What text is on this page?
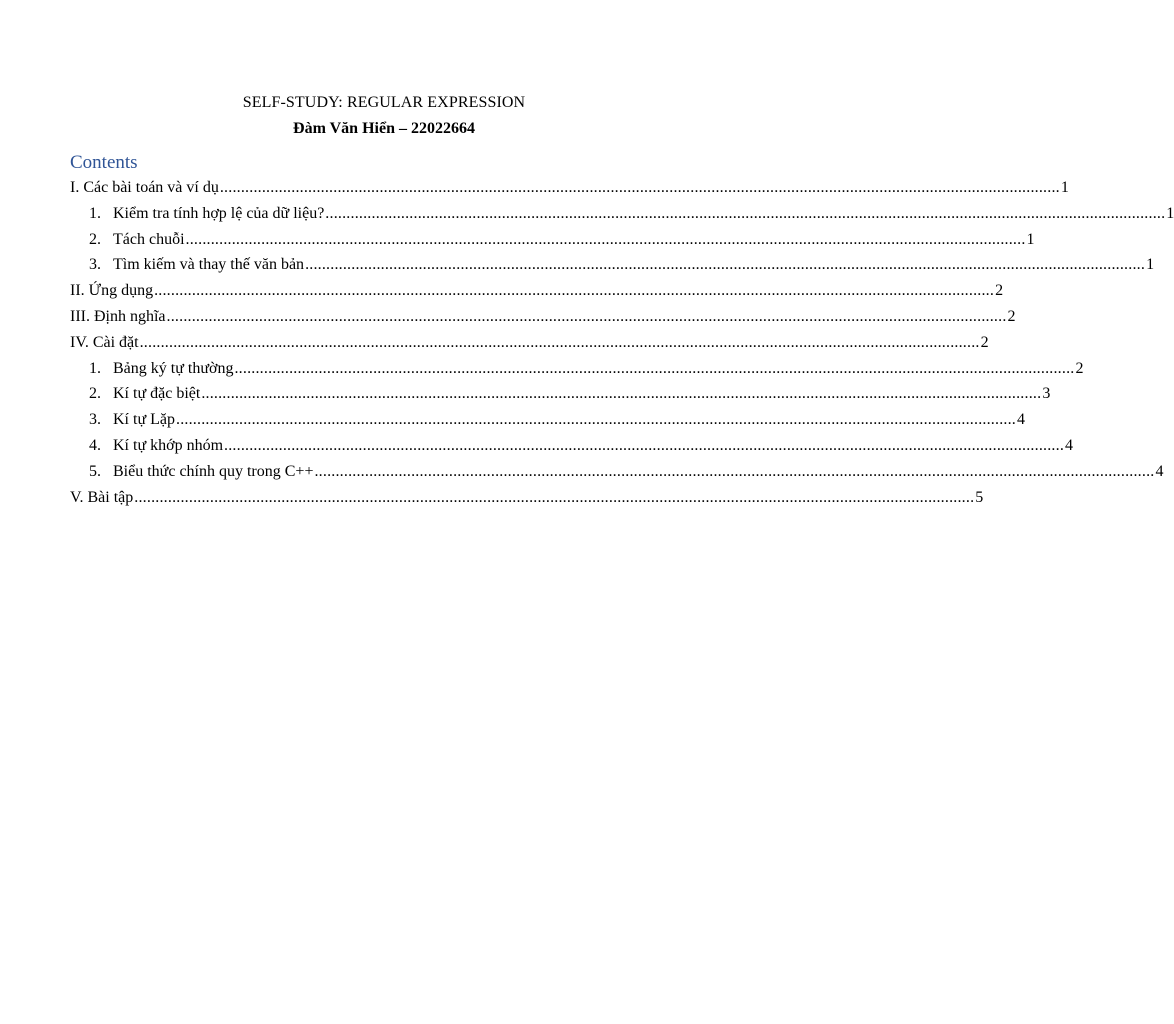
SELF-STUDY: REGULAR EXPRESSION
Đàm Văn Hiển – 22022664
Contents
I. Các bài toán và ví dụ ........................................................................................................................................................................................................ 1
1. Kiểm tra tính hợp lệ của dữ liệu? ........................................................................................................................................................................................................ 1
2. Tách chuỗi ........................................................................................................................................................................................................ 1
3. Tìm kiếm và thay thế văn bản ........................................................................................................................................................................................................ 1
II. Ứng dụng ........................................................................................................................................................................................................ 2
III. Định nghĩa ........................................................................................................................................................................................................ 2
IV. Cài đặt ........................................................................................................................................................................................................ 2
1. Bảng ký tự thường ........................................................................................................................................................................................................ 2
2. Kí tự đặc biệt ........................................................................................................................................................................................................ 3
3. Kí tự Lặp ........................................................................................................................................................................................................ 4
4. Kí tự khớp nhóm ........................................................................................................................................................................................................ 4
5. Biểu thức chính quy trong C++ ........................................................................................................................................................................................................ 4
V. Bài tập ........................................................................................................................................................................................................ 5
